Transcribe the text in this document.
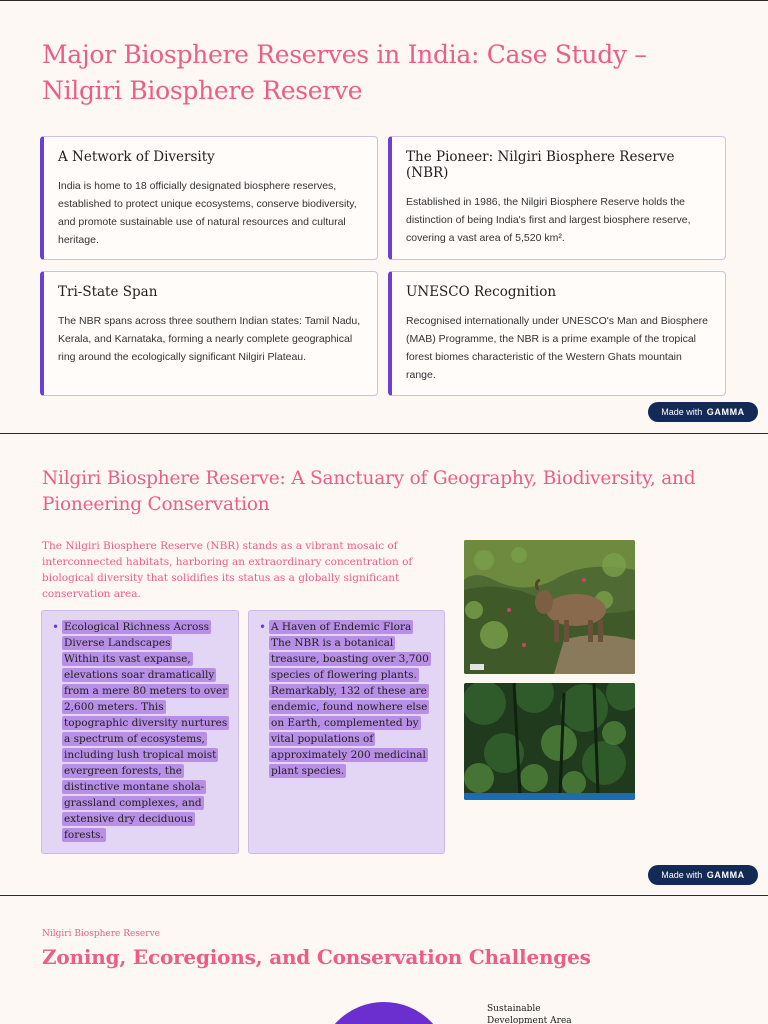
Major Biosphere Reserves in India: Case Study – Nilgiri Biosphere Reserve
A Network of Diversity

India is home to 18 officially designated biosphere reserves, established to protect unique ecosystems, conserve biodiversity, and promote sustainable use of natural resources and cultural heritage.

The Pioneer: Nilgiri Biosphere Reserve (NBR)

Established in 1986, the Nilgiri Biosphere Reserve holds the distinction of being India's first and largest biosphere reserve, covering a vast area of 5,520 km².

Tri-State Span

The NBR spans across three southern Indian states: Tamil Nadu, Kerala, and Karnataka, forming a nearly complete geographical ring around the ecologically significant Nilgiri Plateau.

UNESCO Recognition

Recognised internationally under UNESCO's Man and Biosphere (MAB) Programme, the NBR is a prime example of the tropical forest biomes characteristic of the Western Ghats mountain range.

Made with GAMMA
Nilgiri Biosphere Reserve: A Sanctuary of Geography, Biodiversity, and Pioneering Conservation

The Nilgiri Biosphere Reserve (NBR) stands as a vibrant mosaic of interconnected habitats, harboring an extraordinary concentration of biological diversity that solidifies its status as a globally significant conservation area.

• Ecological Richness Across Diverse Landscapes
Within its vast expanse, elevations soar dramatically from a mere 80 meters to over 2,600 meters. This topographic diversity nurtures a spectrum of ecosystems, including lush tropical moist evergreen forests, the distinctive montane shola-grassland complexes, and extensive dry deciduous forests.
• A Haven of Endemic Flora
The NBR is a botanical treasure, boasting over 3,700 species of flowering plants. Remarkably, 132 of these are endemic, found nowhere else on Earth, complemented by vital populations of approximately 200 medicinal plant species.
Made with GAMMA
Nilgiri Biosphere Reserve
Zoning, Ecoregions, and Conservation Challenges
Sustainable Development Area
